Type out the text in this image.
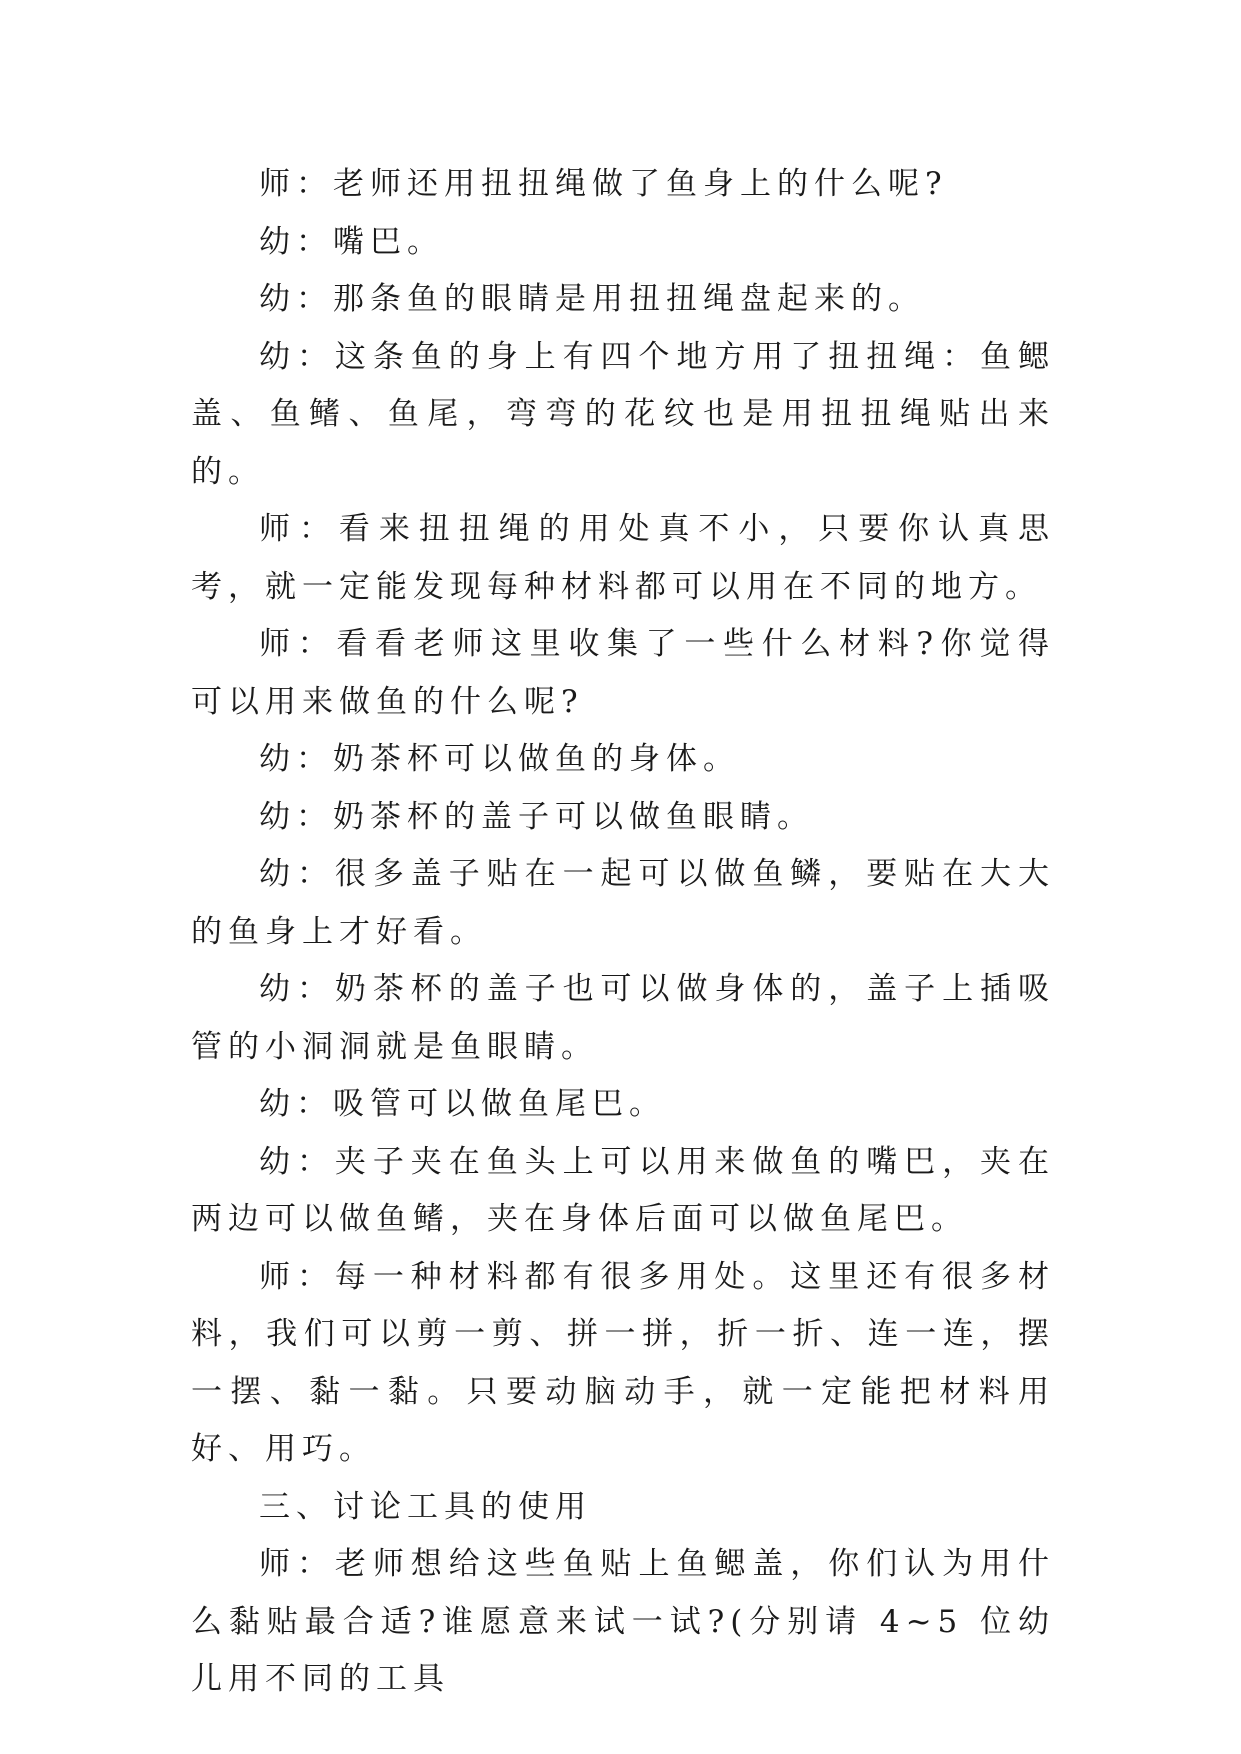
师：老师还用扭扭绳做了鱼身上的什么呢?

幼：嘴巴。

幼：那条鱼的眼睛是用扭扭绳盘起来的。

幼：这条鱼的身上有四个地方用了扭扭绳：鱼鳃盖、鱼鳍、鱼尾，弯弯的花纹也是用扭扭绳贴出来的。

师：看来扭扭绳的用处真不小，只要你认真思考，就一定能发现每种材料都可以用在不同的地方。

师：看看老师这里收集了一些什么材料?你觉得可以用来做鱼的什么呢?

幼：奶茶杯可以做鱼的身体。

幼：奶茶杯的盖子可以做鱼眼睛。

幼：很多盖子贴在一起可以做鱼鳞，要贴在大大的鱼身上才好看。

幼：奶茶杯的盖子也可以做身体的，盖子上插吸管的小洞洞就是鱼眼睛。

幼：吸管可以做鱼尾巴。

幼：夹子夹在鱼头上可以用来做鱼的嘴巴，夹在两边可以做鱼鳍，夹在身体后面可以做鱼尾巴。

师：每一种材料都有很多用处。这里还有很多材料，我们可以剪一剪、拼一拼，折一折、连一连，摆一摆、黏一黏。只要动脑动手，就一定能把材料用好、用巧。

三、讨论工具的使用

师：老师想给这些鱼贴上鱼鳃盖，你们认为用什么黏贴最合适?谁愿意来试一试?(分别请 4~5 位幼儿用不同的工具
